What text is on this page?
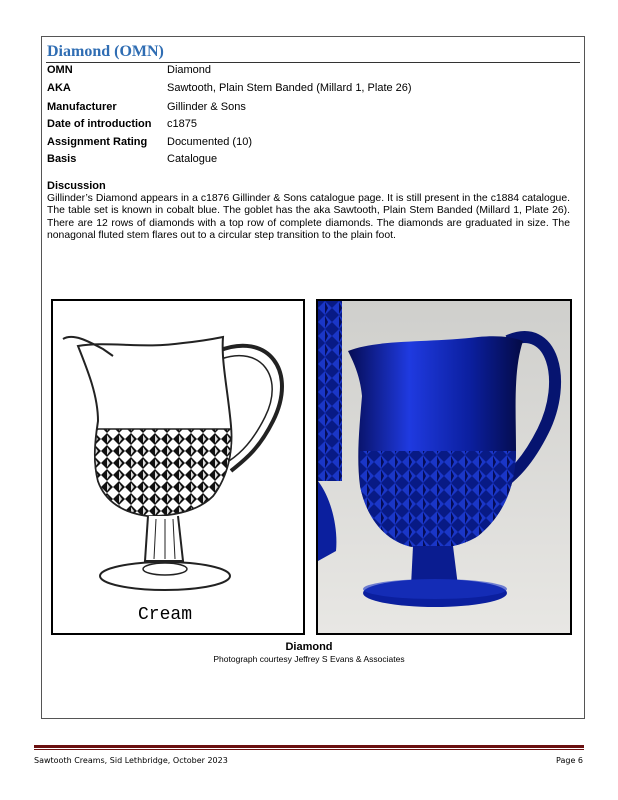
Diamond (OMN)
OMN	Diamond
AKA	Sawtooth, Plain Stem Banded (Millard 1, Plate 26)
Manufacturer	Gillinder & Sons
Date of introduction c1875
Assignment Rating Documented (10)
Basis	Catalogue
Discussion
Gillinder’s Diamond appears in a c1876 Gillinder & Sons catalogue page. It is still present in the c1884 catalogue. The table set is known in cobalt blue. The goblet has the aka Sawtooth, Plain Stem Banded (Millard 1, Plate 26). There are 12 rows of diamonds with a top row of complete diamonds. The diamonds are graduated in size. The nonagonal fluted stem flares out to a circular step transition to the plain foot.
Cream
Diamond
Photograph courtesy Jeffrey S Evans & Associates
Sawtooth Creams, Sid Lethbridge, October 2023	Page 6
